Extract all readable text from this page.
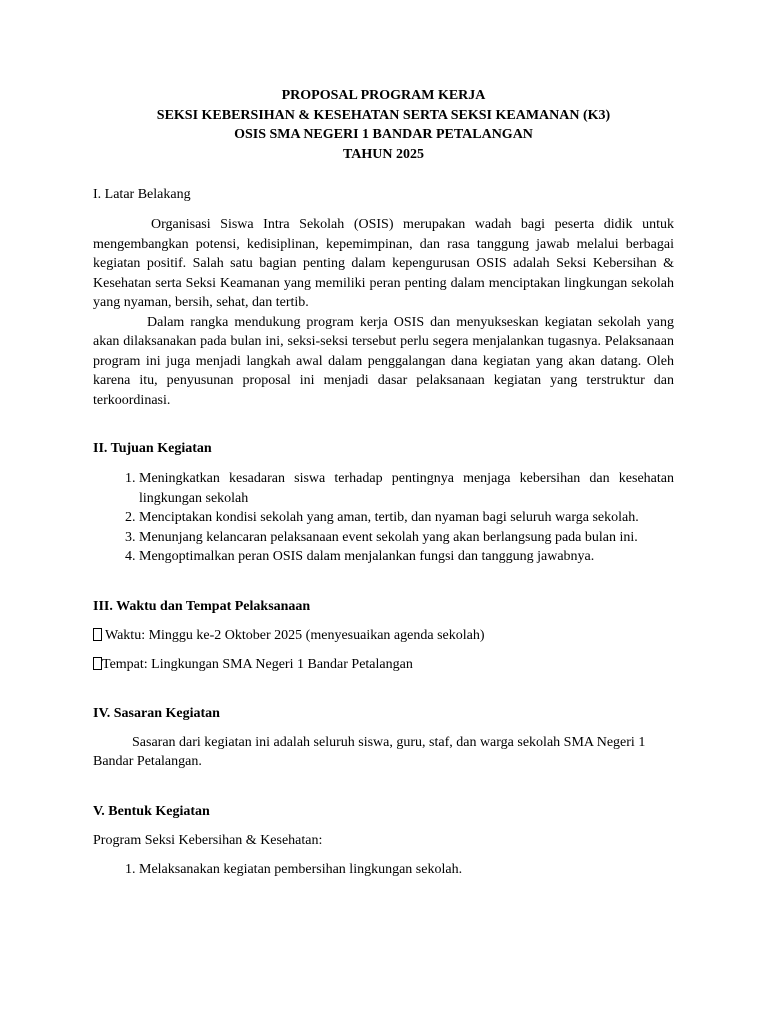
PROPOSAL PROGRAM KERJA
SEKSI KEBERSIHAN & KESEHATAN SERTA SEKSI KEAMANAN (K3)
OSIS SMA NEGERI 1 BANDAR PETALANGAN
TAHUN 2025
I. Latar Belakang

Organisasi Siswa Intra Sekolah (OSIS) merupakan wadah bagi peserta didik untuk mengembangkan potensi, kedisiplinan, kepemimpinan, dan rasa tanggung jawab melalui berbagai kegiatan positif. Salah satu bagian penting dalam kepengurusan OSIS adalah Seksi Kebersihan & Kesehatan serta Seksi Keamanan yang memiliki peran penting dalam menciptakan lingkungan sekolah yang nyaman, bersih, sehat, dan tertib.

Dalam rangka mendukung program kerja OSIS dan menyukseskan kegiatan sekolah yang akan dilaksanakan pada bulan ini, seksi-seksi tersebut perlu segera menjalankan tugasnya. Pelaksanaan program ini juga menjadi langkah awal dalam penggalangan dana kegiatan yang akan datang. Oleh karena itu, penyusunan proposal ini menjadi dasar pelaksanaan kegiatan yang terstruktur dan terkoordinasi.

II. Tujuan Kegiatan
1. Meningkatkan kesadaran siswa terhadap pentingnya menjaga kebersihan dan kesehatan lingkungan sekolah
2. Menciptakan kondisi sekolah yang aman, tertib, dan nyaman bagi seluruh warga sekolah.
3. Menunjang kelancaran pelaksanaan event sekolah yang akan berlangsung pada bulan ini.
4. Mengoptimalkan peran OSIS dalam menjalankan fungsi dan tanggung jawabnya.
III. Waktu dan Tempat Pelaksanaan
Waktu: Minggu ke-2 Oktober 2025 (menyesuaikan agenda sekolah)
Tempat: Lingkungan SMA Negeri 1 Bandar Petalangan
IV. Sasaran Kegiatan

Sasaran dari kegiatan ini adalah seluruh siswa, guru, staf, dan warga sekolah SMA Negeri 1 Bandar Petalangan.

V. Bentuk Kegiatan
Program Seksi Kebersihan & Kesehatan:
1. Melaksanakan kegiatan pembersihan lingkungan sekolah.
